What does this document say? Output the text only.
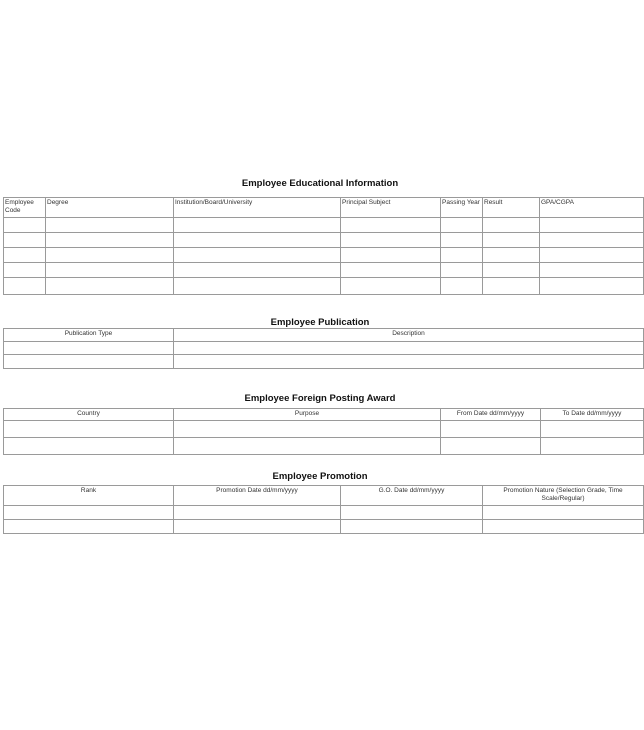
Employee Educational Information
Employee Code	Degree	Institution/Board/University	Principal Subject	Passing Year	Result	GPA/CGPA

Employee Publication
Publication Type	Description

Employee Foreign Posting Award
Country	Purpose	From Date dd/mm/yyyy	To Date dd/mm/yyyy

Employee Promotion
Rank	Promotion Date dd/mm/yyyy	G.O. Date dd/mm/yyyy	Promotion Nature (Selection Grade, Time Scale/Regular)
